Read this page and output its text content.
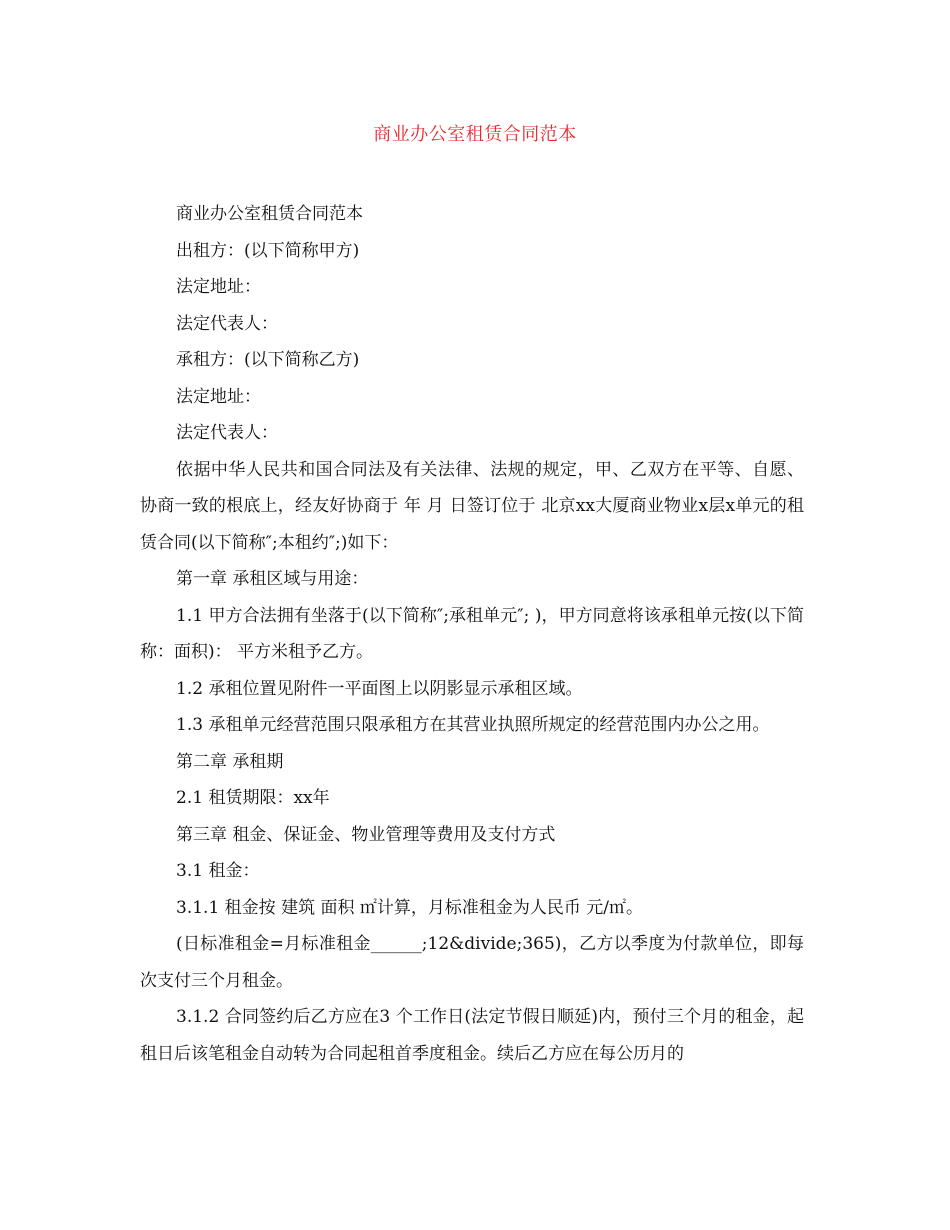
商业办公室租赁合同范本

商业办公室租赁合同范本

出租方：(以下简称甲方)

法定地址：

法定代表人：

承租方：(以下简称乙方)

法定地址：

法定代表人：

依据中华人民共和国合同法及有关法律、法规的规定，甲、乙双方在平等、自愿、协商一致的根底上，经友好协商于 年 月 日签订位于 北京xx大厦商业物业x层x单元的租赁合同(以下简称″;本租约″;)如下：

第一章 承租区域与用途：

1.1 甲方合法拥有坐落于(以下简称″;承租单元″; )，甲方同意将该承租单元按(以下简称：面积)： 平方米租予乙方。

1.2 承租位置见附件一平面图上以阴影显示承租区域。

1.3 承租单元经营范围只限承租方在其营业执照所规定的经营范围内办公之用。

第二章 承租期

2.1 租赁期限：xx年

第三章 租金、保证金、物业管理等费用及支付方式

3.1 租金：

3.1.1 租金按 建筑 面积 ㎡计算，月标准租金为人民币 元/㎡。

(日标准租金=月标准租金______;12&divide;365)，乙方以季度为付款单位，即每次支付三个月租金。

3.1.2 合同签约后乙方应在3 个工作日(法定节假日顺延)内，预付三个月的租金，起租日后该笔租金自动转为合同起租首季度租金。续后乙方应在每公历月的
